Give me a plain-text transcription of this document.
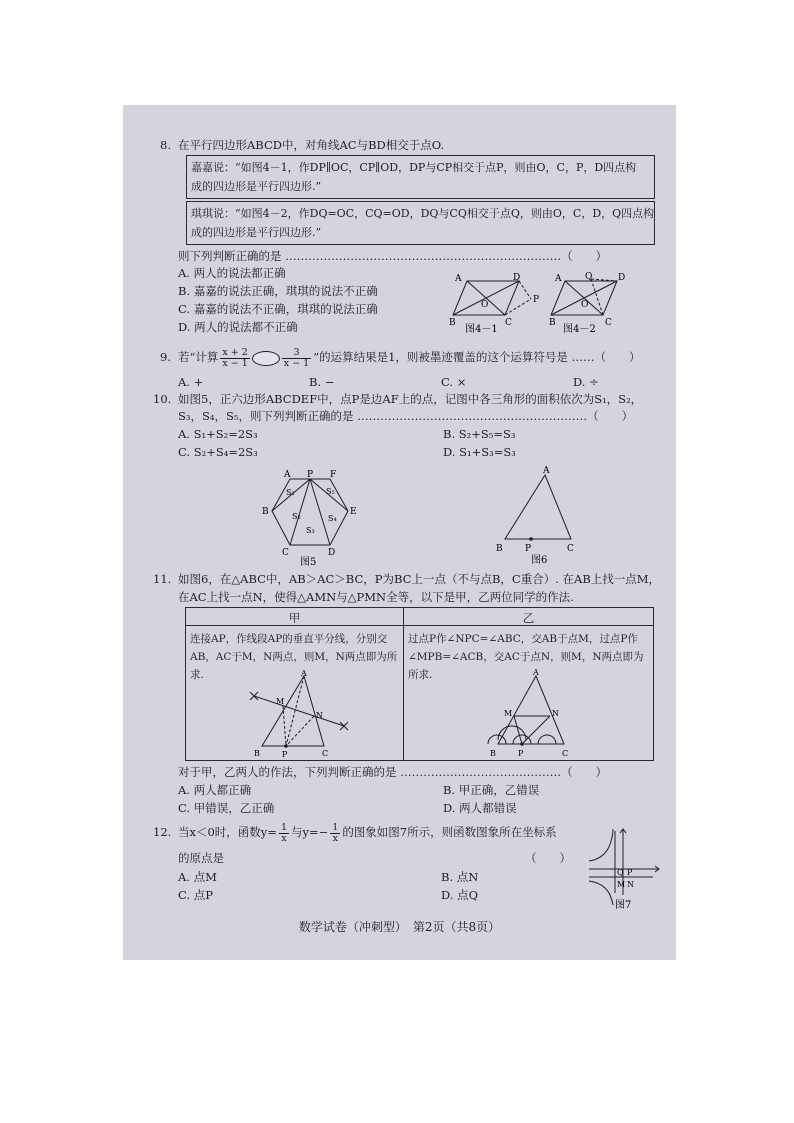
8. 在平行四边形ABCD中，对角线AC与BD相交于点O.
嘉嘉说：“如图4－1，作DP∥OC，CP∥OD，DP与CP相交于点P，则由O，C，P，D四点构
成的四边形是平行四边形.”
琪琪说：“如图4－2，作DQ=OC，CQ=OD，DQ与CQ相交于点Q，则由O，C，D，Q四点构
成的四边形是平行四边形.”
则下列判断正确的是 ………………………………………………………………（　　）
A. 两人的说法都正确
B. 嘉嘉的说法正确，琪琪的说法不正确
C. 嘉嘉的说法不正确，琪琪的说法正确
D. 两人的说法都不正确
A	D
B	C
P
O
图4－1
A	Q	D
B	C
O
图4－2
9. 若“计算 $\frac{x + 2}{x - 1}$	$\frac{3}{x - 1}$ ”的运算结果是1，则被墨迹覆盖的这个运算符号是 ……（　　）
A. +	B. −	C. ×	D. ÷
10. 如图5，正六边形ABCDEF中，点P是边AF上的点，记图中各三角形的面积依次为S₁，S₂，
S₃，S₄，S₅，则下列判断正确的是 ……………………………………………………（　　）
A. S₁+S₂=2S₃	B. S₂+S₅=S₃
C. S₂+S₄=2S₃	D. S₁+S₃=S₃
A P F
B	E
C	D
S₁
S₂
S₃
S₄
S₅
图5
A
B P	C
图6
11. 如图6，在△ABC中，AB＞AC＞BC，P为BC上一点（不与点B，C重合）. 在AB上找一点M，
在AC上找一点N，使得△AMN与△PMN全等，以下是甲，乙两位同学的作法.
甲	乙
连接AP，作线段AP的垂直平分线，分别交
AB，AC于M，N两点，则M，N两点即为所求.
过点P作∠NPC=∠ABC，交AB于点M，过点P作
∠MPB=∠ACB，交AC于点N，则M，N两点即为所求.
A
M
N
B	P	C
A
M	N
B	P	C
对于甲，乙两人的作法，下列判断正确的是 ……………………………………（　　）
A. 两人都正确	B. 甲正确，乙错误
C. 甲错误，乙正确	D. 两人都错误
12. 当x＜0时，函数$y= \frac{1}{x}$ 与$y=- \frac{1}{x}$ 的图象如图7所示，则函数图象所在坐标系
的原点是	（　　）
A. 点M	B. 点N
C. 点P	D. 点Q
Q P
M N
图7
数学试卷（冲刺型）　第2页（共8页）
